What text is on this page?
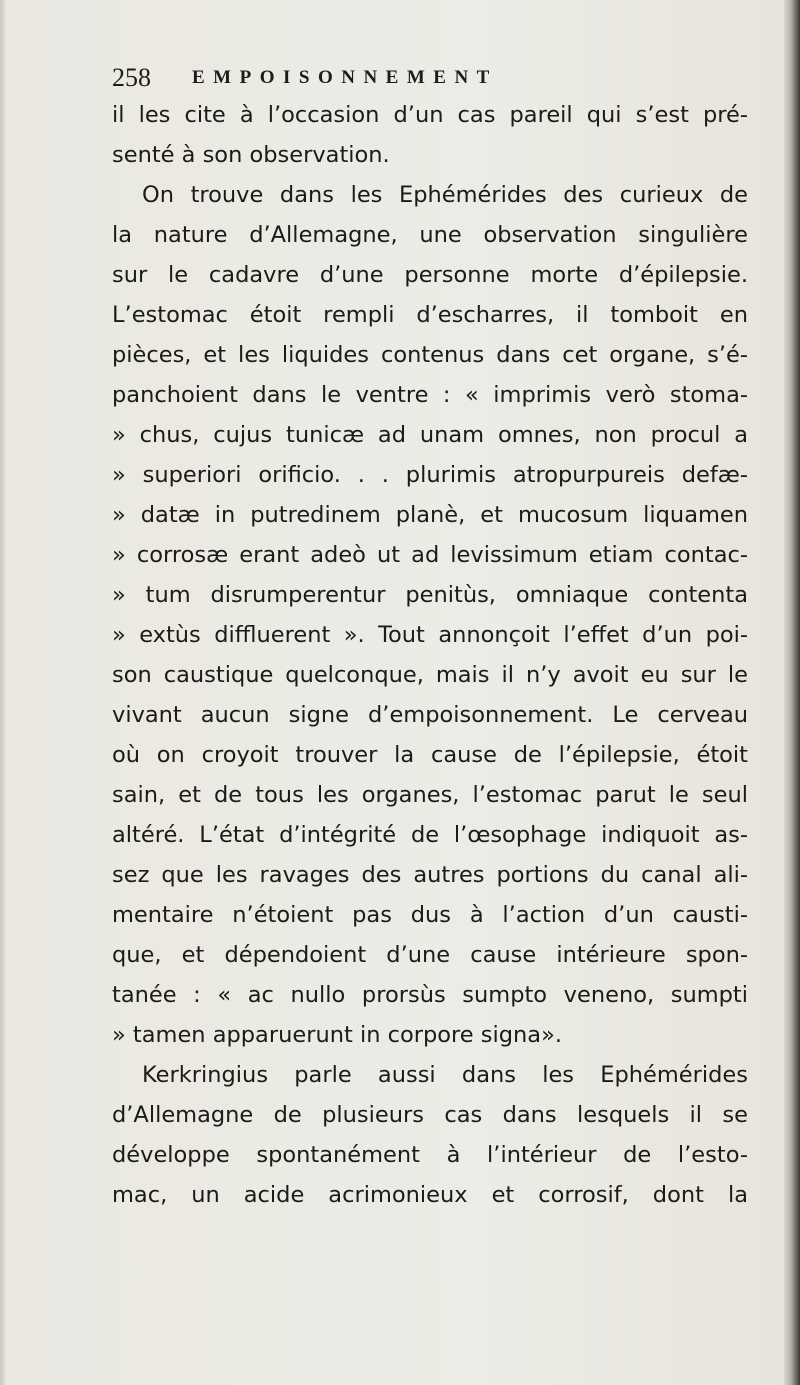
258 EMPOISONNEMENT
il les cite à l’occasion d’un cas pareil qui s’est pré-
senté à son observation.
On trouve dans les Ephémérides des curieux de
la nature d’Allemagne, une observation singulière
sur le cadavre d’une personne morte d’épilepsie.
L’estomac étoit rempli d’escharres, il tomboit en
pièces, et les liquides contenus dans cet organe, s’é-
panchoient dans le ventre : « imprimis verò stoma-
» chus, cujus tunicæ ad unam omnes, non procul a
» superiori orificio. . . plurimis atropurpureis defæ-
» datæ in putredinem planè, et mucosum liquamen
» corrosæ erant adeò ut ad levissimum etiam contac-
» tum disrumperentur penitùs, omniaque contenta
» extùs diffluerent ». Tout annonçoit l’effet d’un poi-
son caustique quelconque, mais il n’y avoit eu sur le
vivant aucun signe d’empoisonnement. Le cerveau
où on croyoit trouver la cause de l’épilepsie, étoit
sain, et de tous les organes, l’estomac parut le seul
altéré. L’état d’intégrité de l’œsophage indiquoit as-
sez que les ravages des autres portions du canal ali-
mentaire n’étoient pas dus à l’action d’un causti-
que, et dépendoient d’une cause intérieure spon-
tanée : « ac nullo prorsùs sumpto veneno, sumpti
» tamen apparuerunt in corpore signa».
Kerkringius parle aussi dans les Ephémérides
d’Allemagne de plusieurs cas dans lesquels il se
développe spontanément à l’intérieur de l’esto-
mac, un acide acrimonieux et corrosif, dont la
